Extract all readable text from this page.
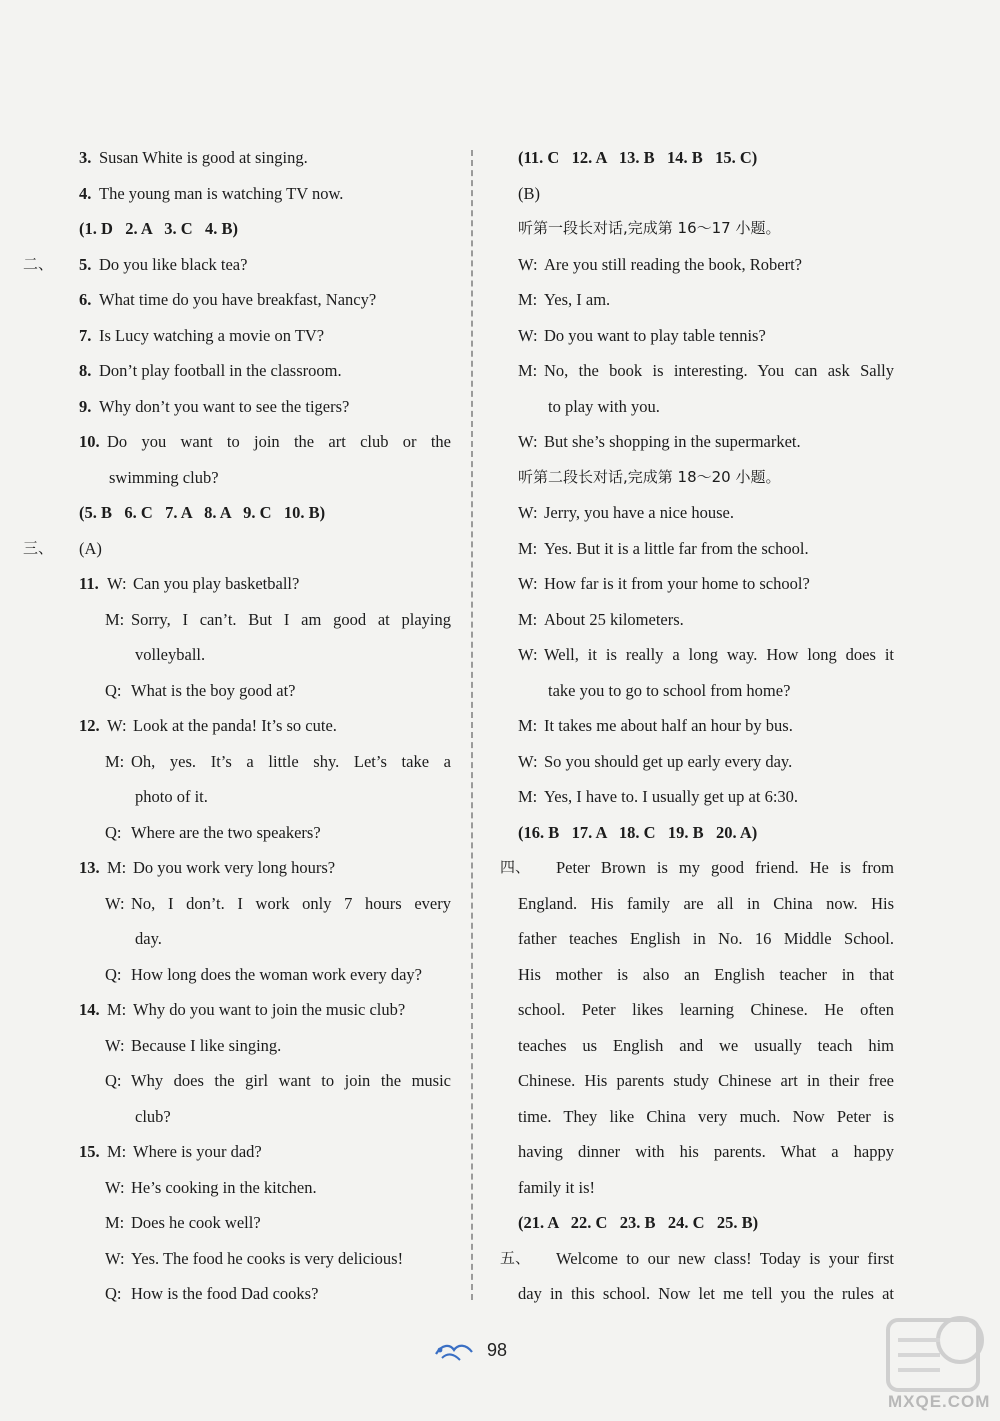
3. Susan White is good at singing.
4. The young man is watching TV now.
(1. D   2. A   3. C   4. B)
二、 5. Do you like black tea?
6. What time do you have breakfast, Nancy?
7. Is Lucy watching a movie on TV?
8. Don’t play football in the classroom.
9. Why don’t you want to see the tigers?
10. Do you want to join the art club or the
swimming club?
(5. B   6. C   7. A   8. A   9. C   10. B)
三、 (A)
11. W: Can you play basketball?
M: Sorry, I can’t. But I am good at playing
volleyball.
Q: What is the boy good at?
12. W: Look at the panda! It’s so cute.
M: Oh, yes. It’s a little shy. Let’s take a
photo of it.
Q: Where are the two speakers?
13. M: Do you work very long hours?
W: No, I don’t. I work only 7 hours every
day.
Q: How long does the woman work every day?
14. M: Why do you want to join the music club?
W: Because I like singing.
Q: Why does the girl want to join the music
club?
15. M: Where is your dad?
W: He’s cooking in the kitchen.
M: Does he cook well?
W: Yes. The food he cooks is very delicious!
Q: How is the food Dad cooks?
(11. C   12. A   13. B   14. B   15. C)
(B)
听第一段长对话,完成第 16～17 小题。
W: Are you still reading the book, Robert?
M: Yes, I am.
W: Do you want to play table tennis?
M: No, the book is interesting. You can ask Sally
to play with you.
W: But she’s shopping in the supermarket.
听第二段长对话,完成第 18～20 小题。
W: Jerry, you have a nice house.
M: Yes. But it is a little far from the school.
W: How far is it from your home to school?
M: About 25 kilometers.
W: Well, it is really a long way. How long does it
take you to go to school from home?
M: It takes me about half an hour by bus.
W: So you should get up early every day.
M: Yes, I have to. I usually get up at 6:30.
(16. B   17. A   18. C   19. B   20. A)
四、 Peter Brown is my good friend. He is from
England. His family are all in China now. His
father teaches English in No. 16 Middle School.
His mother is also an English teacher in that
school. Peter likes learning Chinese. He often
teaches us English and we usually teach him
Chinese. His parents study Chinese art in their free
time. They like China very much. Now Peter is
having dinner with his parents. What a happy
family it is!
(21. A   22. C   23. B   24. C   25. B)
五、 Welcome to our new class! Today is your first
day in this school. Now let me tell you the rules at
98
MXQE.COM
